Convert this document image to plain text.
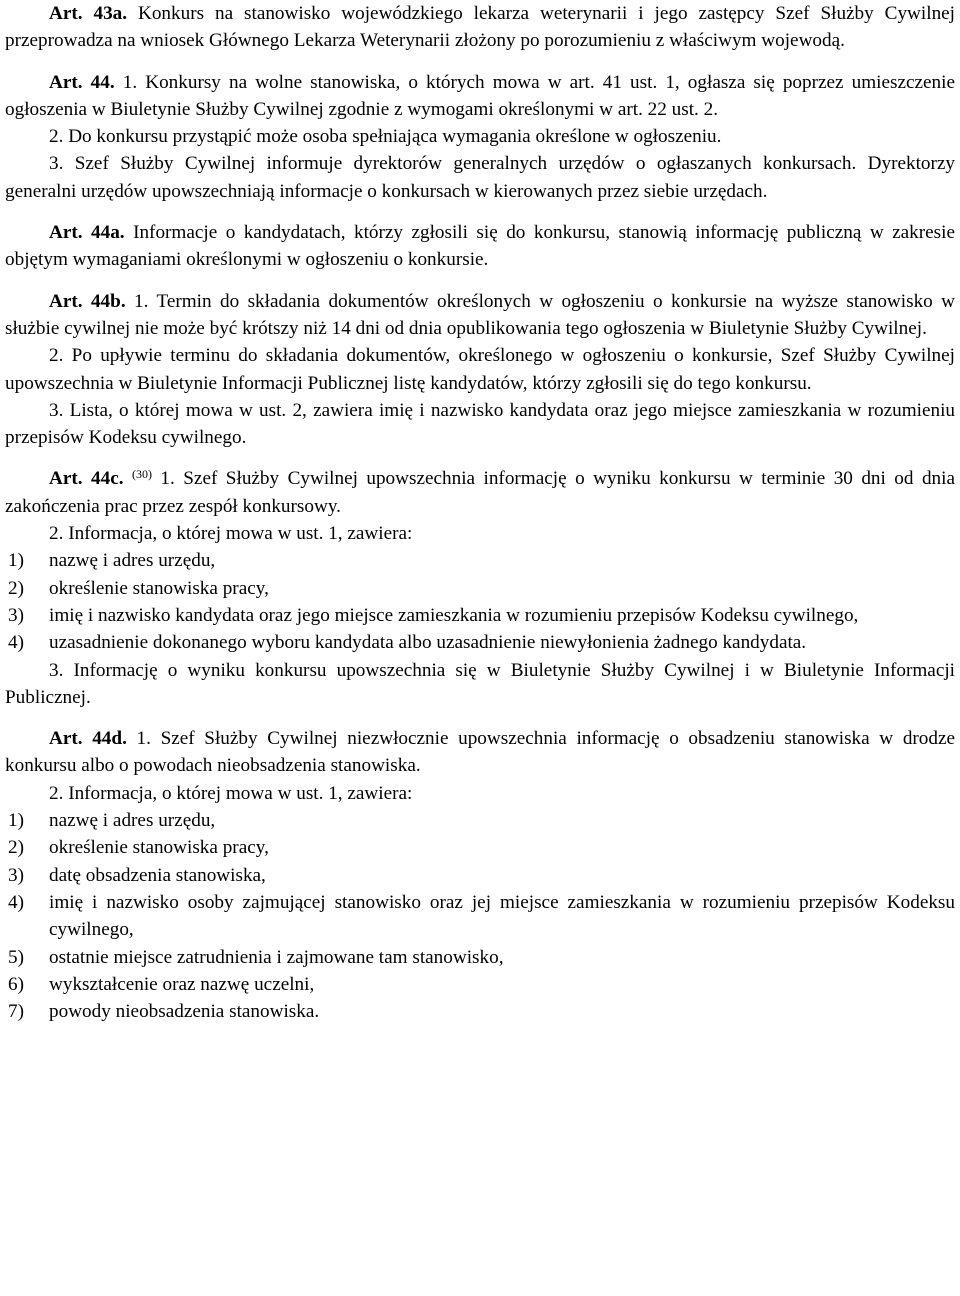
Art. 43a. Konkurs na stanowisko wojewódzkiego lekarza weterynarii i jego zastępcy Szef Służby Cywilnej przeprowadza na wniosek Głównego Lekarza Weterynarii złożony po porozumieniu z właściwym wojewodą.

Art. 44. 1. Konkursy na wolne stanowiska, o których mowa w art. 41 ust. 1, ogłasza się poprzez umieszczenie ogłoszenia w Biuletynie Służby Cywilnej zgodnie z wymogami określonymi w art. 22 ust. 2.

2. Do konkursu przystąpić może osoba spełniająca wymagania określone w ogłoszeniu.

3. Szef Służby Cywilnej informuje dyrektorów generalnych urzędów o ogłaszanych konkursach. Dyrektorzy generalni urzędów upowszechniają informacje o konkursach w kierowanych przez siebie urzędach.

Art. 44a. Informacje o kandydatach, którzy zgłosili się do konkursu, stanowią informację publiczną w zakresie objętym wymaganiami określonymi w ogłoszeniu o konkursie.

Art. 44b. 1. Termin do składania dokumentów określonych w ogłoszeniu o konkursie na wyższe stanowisko w służbie cywilnej nie może być krótszy niż 14 dni od dnia opublikowania tego ogłoszenia w Biuletynie Służby Cywilnej.

2. Po upływie terminu do składania dokumentów, określonego w ogłoszeniu o konkursie, Szef Służby Cywilnej upowszechnia w Biuletynie Informacji Publicznej listę kandydatów, którzy zgłosili się do tego konkursu.

3. Lista, o której mowa w ust. 2, zawiera imię i nazwisko kandydata oraz jego miejsce zamieszkania w rozumieniu przepisów Kodeksu cywilnego.

Art. 44c. $^{(30)}$ 1. Szef Służby Cywilnej upowszechnia informację o wyniku konkursu w terminie 30 dni od dnia zakończenia prac przez zespół konkursowy.

2. Informacja, o której mowa w ust. 1, zawiera:

1)	nazwę i adres urzędu,
2)	określenie stanowiska pracy,
3)	imię i nazwisko kandydata oraz jego miejsce zamieszkania w rozumieniu przepisów Kodeksu cywilnego,
4)	uzasadnienie dokonanego wyboru kandydata albo uzasadnienie niewyłonienia żadnego kandydata.

3. Informację o wyniku konkursu upowszechnia się w Biuletynie Służby Cywilnej i w Biuletynie Informacji Publicznej.

Art. 44d. 1. Szef Służby Cywilnej niezwłocznie upowszechnia informację o obsadzeniu stanowiska w drodze konkursu albo o powodach nieobsadzenia stanowiska.

2. Informacja, o której mowa w ust. 1, zawiera:

1)	nazwę i adres urzędu,
2)	określenie stanowiska pracy,
3)	datę obsadzenia stanowiska,
4)	imię i nazwisko osoby zajmującej stanowisko oraz jej miejsce zamieszkania w rozumieniu przepisów Kodeksu cywilnego,
5)	ostatnie miejsce zatrudnienia i zajmowane tam stanowisko,
6)	wykształcenie oraz nazwę uczelni,
7)	powody nieobsadzenia stanowiska.
